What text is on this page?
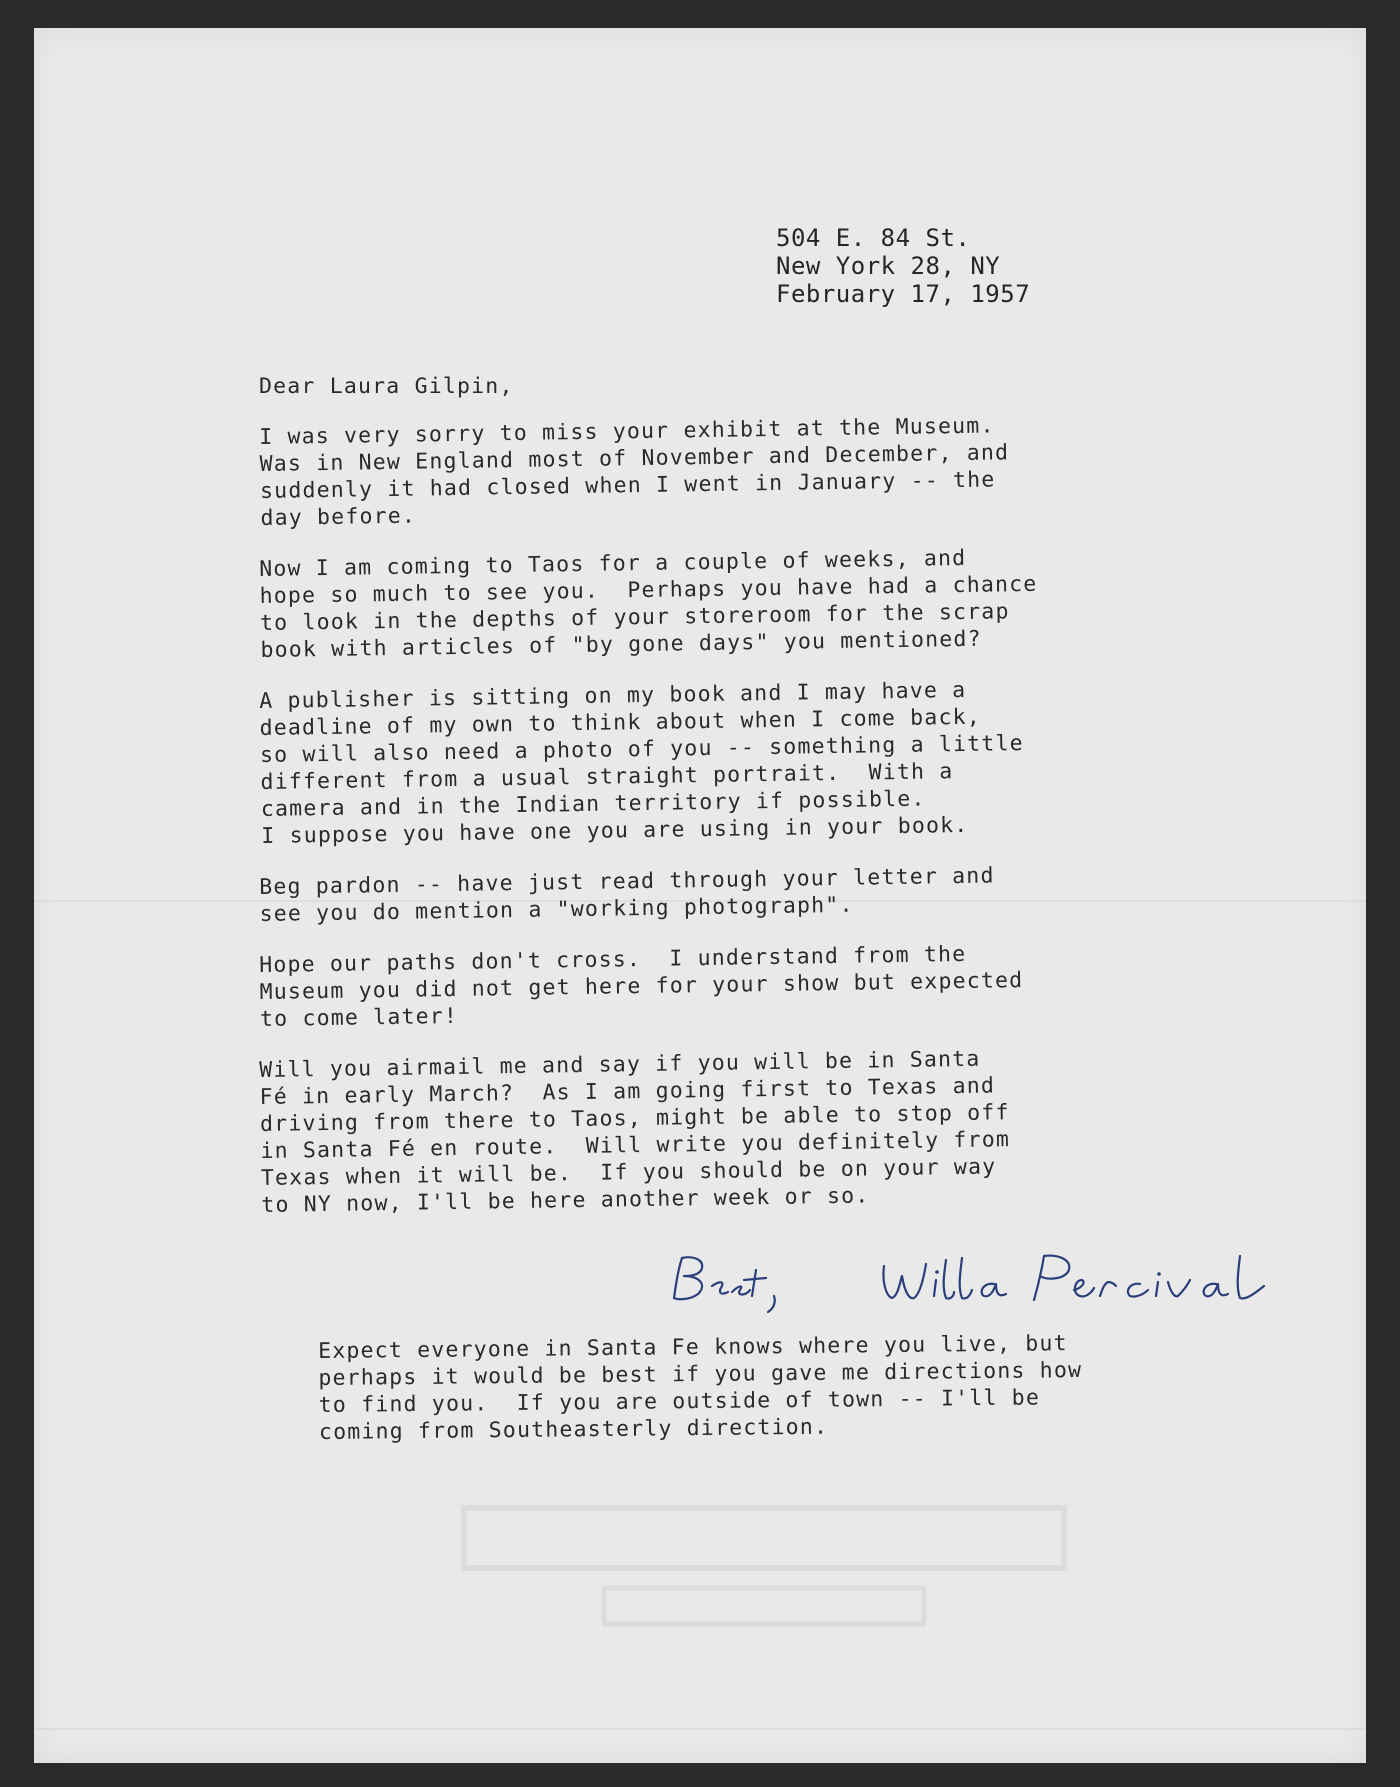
504 E. 84 St.
New York 28, NY
February 17, 1957
Dear Laura Gilpin,
I was very sorry to miss your exhibit at the Museum.
Was in New England most of November and December, and
suddenly it had closed when I went in January -- the
day before.
Now I am coming to Taos for a couple of weeks, and
hope so much to see you.  Perhaps you have had a chance
to look in the depths of your storeroom for the scrap
book with articles of "by gone days" you mentioned?
A publisher is sitting on my book and I may have a
deadline of my own to think about when I come back,
so will also need a photo of you -- something a little
different from a usual straight portrait.  With a
camera and in the Indian territory if possible.
I suppose you have one you are using in your book.
Beg pardon -- have just read through your letter and
see you do mention a "working photograph".
Hope our paths don't cross.  I understand from the
Museum you did not get here for your show but expected
to come later!
Will you airmail me and say if you will be in Santa
Fé in early March?  As I am going first to Texas and
driving from there to Taos, might be able to stop off
in Santa Fé en route.  Will write you definitely from
Texas when it will be.  If you should be on your way
to NY now, I'll be here another week or so.
Expect everyone in Santa Fe knows where you live, but
perhaps it would be best if you gave me directions how
to find you.  If you are outside of town -- I'll be
coming from Southeasterly direction.
